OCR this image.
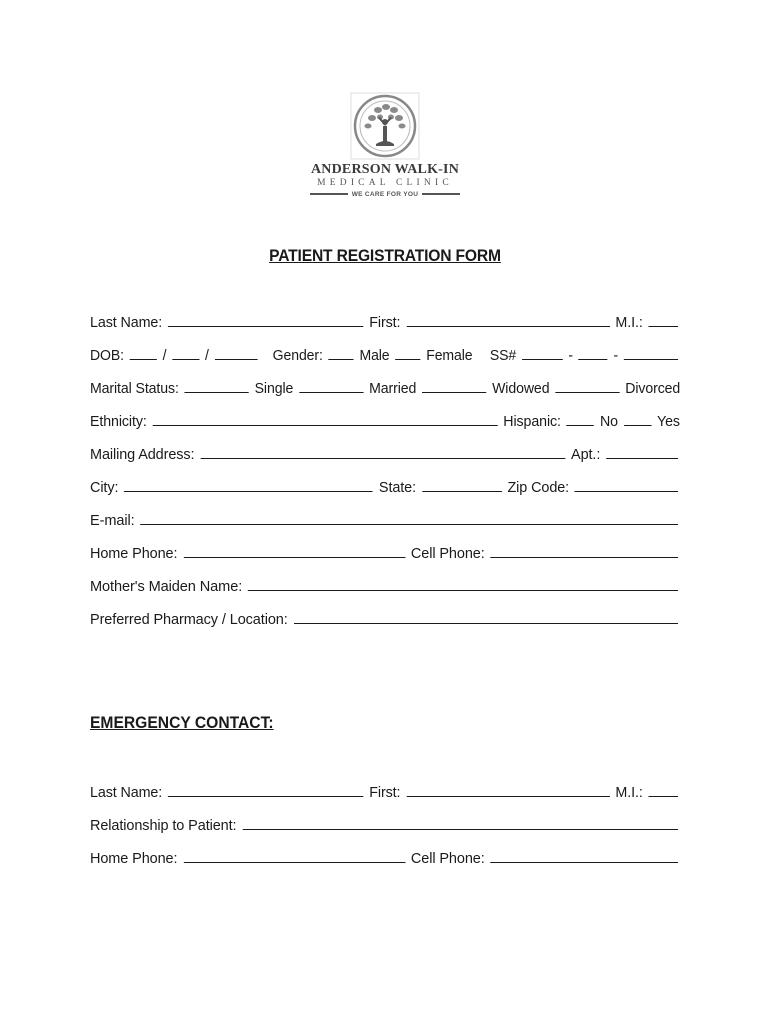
ANDERSON WALK-IN
MEDICAL CLINIC
WE CARE FOR YOU
PATIENT REGISTRATION FORM
Last Name:	First:	M.I.:
DOB:	/	/	Gender:	Male	Female SS#	-	-
Marital Status:	Single	Married	Widowed	Divorced
Ethnicity:	Hispanic:	No	Yes
Mailing Address:	Apt.:
City:	State:	Zip Code:
E-mail:
Home Phone:	Cell Phone:
Mother's Maiden Name:
Preferred Pharmacy / Location:
EMERGENCY CONTACT:
Last Name:	First:	M.I.:
Relationship to Patient:
Home Phone:	Cell Phone:
